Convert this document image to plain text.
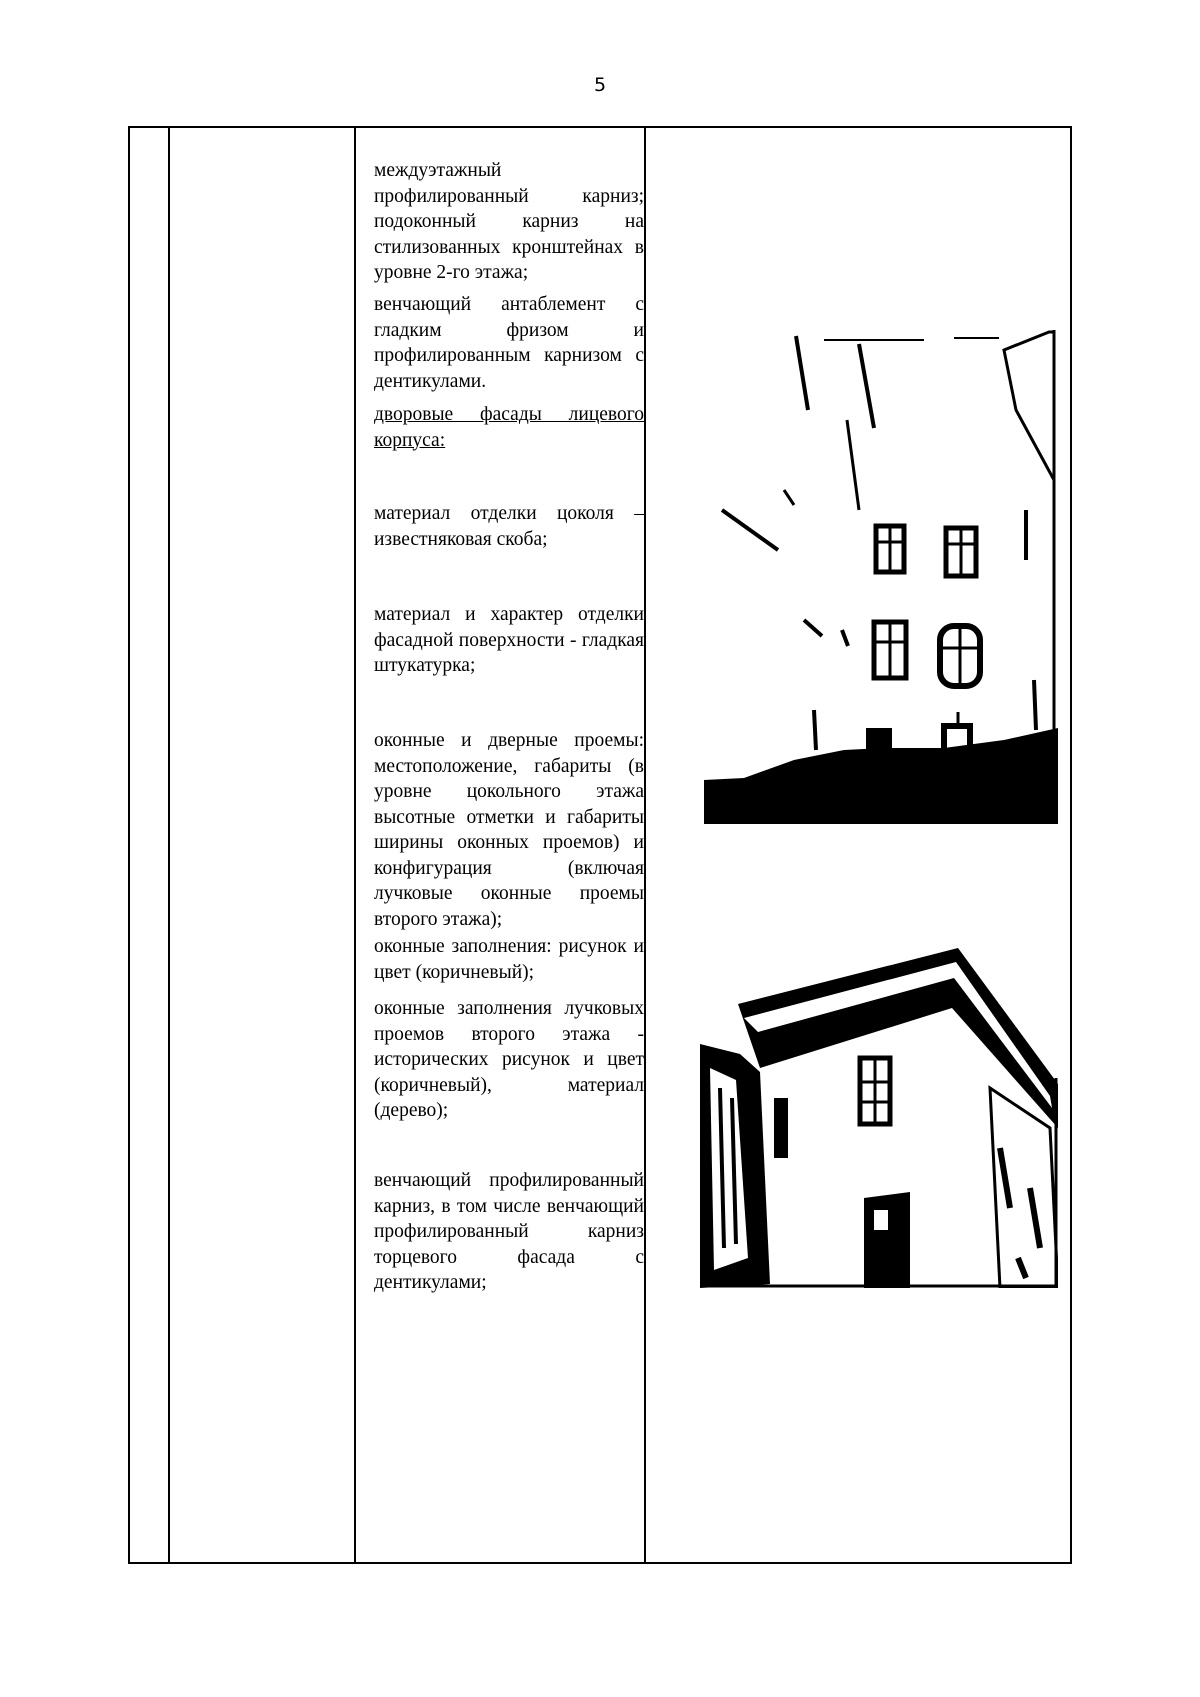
5
междуэтажный профилированный карниз; подоконный карниз на стилизованных кронштейнах в уровне 2-го этажа;
венчающий антаблемент с гладким фризом и профилированным карнизом с дентикулами.
дворовые фасады лицевого корпуса:
материал отделки цоколя – известняковая скоба;
материал и характер отделки фасадной поверхности - гладкая штукатурка;
оконные и дверные проемы: местоположение, габариты (в уровне цокольного этажа высотные отметки и габариты ширины оконных проемов) и конфигурация (включая лучковые оконные проемы второго этажа);
оконные заполнения: рисунок и цвет (коричневый);
оконные заполнения лучковых проемов второго этажа - исторических рисунок и цвет (коричневый), материал (дерево);
венчающий профилированный карниз, в том числе венчающий профилированный карниз торцевого фасада с дентикулами;
